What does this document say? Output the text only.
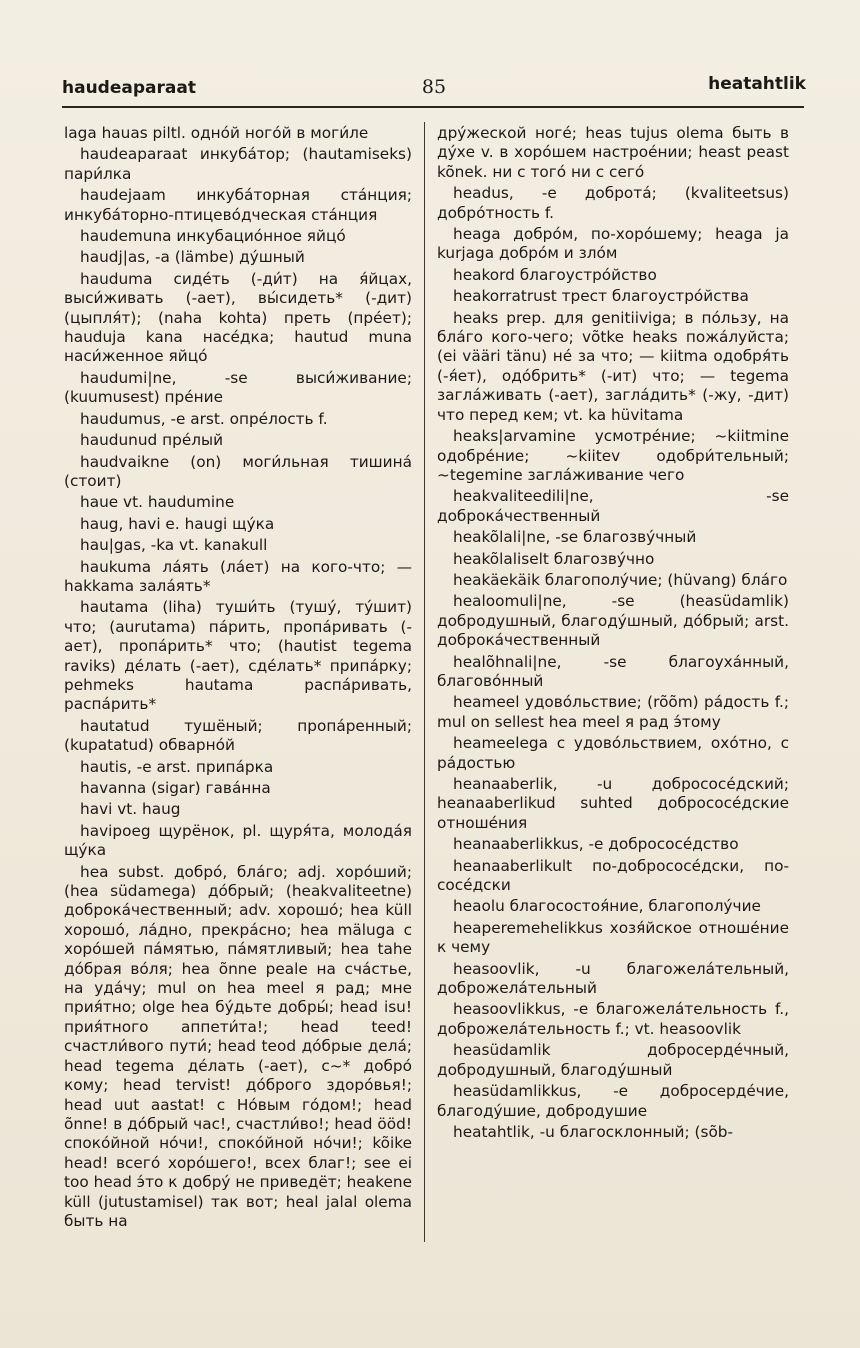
haudeaparaat	85	heatahtlik

laga hauas piltl. одно́й ного́й в моги́ле

haudeaparaat инкуба́тор; (hautamiseks) пари́лка

haudejaam инкуба́торная ста́нция; инкуба́торно-птицево́дческая ста́нция

haudemuna инкубацио́нное яйцо́

haudj|as, -a (lämbe) ду́шный

hauduma сиде́ть (-ди́т) на я́йцах, выси́живать (-ает), вы́сидеть* (-дит) (цыпля́т); (naha kohta) преть (пре́ет); hauduja kana насе́дка; hautud muna наси́женное яйцо́

haudumi|ne, -se выси́живание; (kuumusest) пре́ние

haudumus, -e arst. опре́лость f.

haudunud пре́лый

haudvaikne (on) моги́льная тишина́ (стоит)

haue vt. haudumine

haug, havi e. haugi щу́ка

hau|gas, -ka vt. kanakull

haukuma ла́ять (ла́ет) на кого-что; — hakkama зала́ять*

hautama (liha) туши́ть (тушу́, ту́шит) что; (aurutama) па́рить, пропа́ривать (-ает), пропа́рить* что; (hautist tegema raviks) де́лать (-ает), сде́лать* припа́рку; pehmeks hautama распа́ривать, распа́рить*

hautatud тушёный; пропа́ренный; (kupatatud) обварно́й

hautis, -e arst. припа́рка

havanna (sigar) гава́нна

havi vt. haug

havipoeg щурёнок, pl. щуря́та, молода́я щу́ка

hea subst. добро́, бла́го; adj. хоро́ший; (hea südamega) до́брый; (heakvaliteetne) доброка́чественный; adv. хорошо́; hea küll хорошо́, ла́дно, прекра́сно; hea mäluga с хоро́шей па́мятью, па́мятливый; hea tahe до́брая во́ля; hea õnne peale на сча́стье, на уда́чу; mul on hea meel я рад; мне прия́тно; olge hea бу́дьте добры́; head isu! прия́тного аппети́та!; head teed! счастли́вого пути́; head teod до́брые дела́; head tegema де́лать (-ает), с~* добро́ кому; head tervist! до́брого здоро́вья!; head uut aastat! с Но́вым го́дом!; head õnne! в до́брый час!, счастли́во!; head ööd! споко́йной но́чи!, споко́йной но́чи!; kõike head! всего́ хоро́шего!, всех благ!; see ei too head э́то к добру́ не приведёт; heakene küll (jutustamisel) так вот; heal jalal olema быть на

дру́жеской ноге́; heas tujus olema быть в ду́хе v. в хоро́шем настрое́нии; heast peast kõnek. ни с того́ ни с сего́

headus, -e доброта́; (kvaliteetsus) добро́тность f.

heaga добро́м, по-хоро́шему; heaga ja kurjaga добро́м и зло́м

heakord благоустро́йство

heakorratrust трест благоустро́йства

heaks prep. для genitiiviga; в по́льзу, на бла́го кого-чего; võtke heaks пожа́луйста; (ei vääri tänu) не́ за что; — kiitma одобря́ть (-я́ет), одо́брить* (-ит) что; — tegema загла́живать (-ает), загла́дить* (-жу, -дит) что перед кем; vt. ka hüvitama

heaks|arvamine усмотре́ние; ~kiitmine одобре́ние; ~kiitev одобри́тельный; ~tegemine загла́живание чего

heakvaliteedili|ne, -se доброка́чественный

heakõlali|ne, -se благозву́чный

heakõlaliselt благозву́чно

heakäekäik благополу́чие; (hüvang) бла́го

healoomuli|ne, -se (heasüdamlik) добродушный, благоду́шный, до́брый; arst. доброка́чественный

healõhnali|ne, -se благоуха́нный, благово́нный

heameel удово́льствие; (rõõm) ра́дость f.; mul on sellest hea meel я рад э́тому

heameelega с удово́льствием, охо́тно, с ра́достью

heanaaberlik, -u добрососе́дский; heanaaberlikud suhted добрососе́дские отноше́ния

heanaaberlikkus, -e добрососе́дство

heanaaberlikult по-добрососе́дски, по-сосе́дски

heaolu благосостоя́ние, благополу́чие

heaperemehelikkus хозя́йское отноше́ние к чему

heasoovlik, -u благожела́тельный, доброжела́тельный

heasoovlikkus, -e благожела́тельность f., доброжела́тельность f.; vt. heasoovlik

heasüdamlik добросерде́чный, добродушный, благоду́шный

heasüdamlikkus, -e добросерде́чие, благоду́шие, добродушие

heatahtlik, -u благосклонный; (sõb-
